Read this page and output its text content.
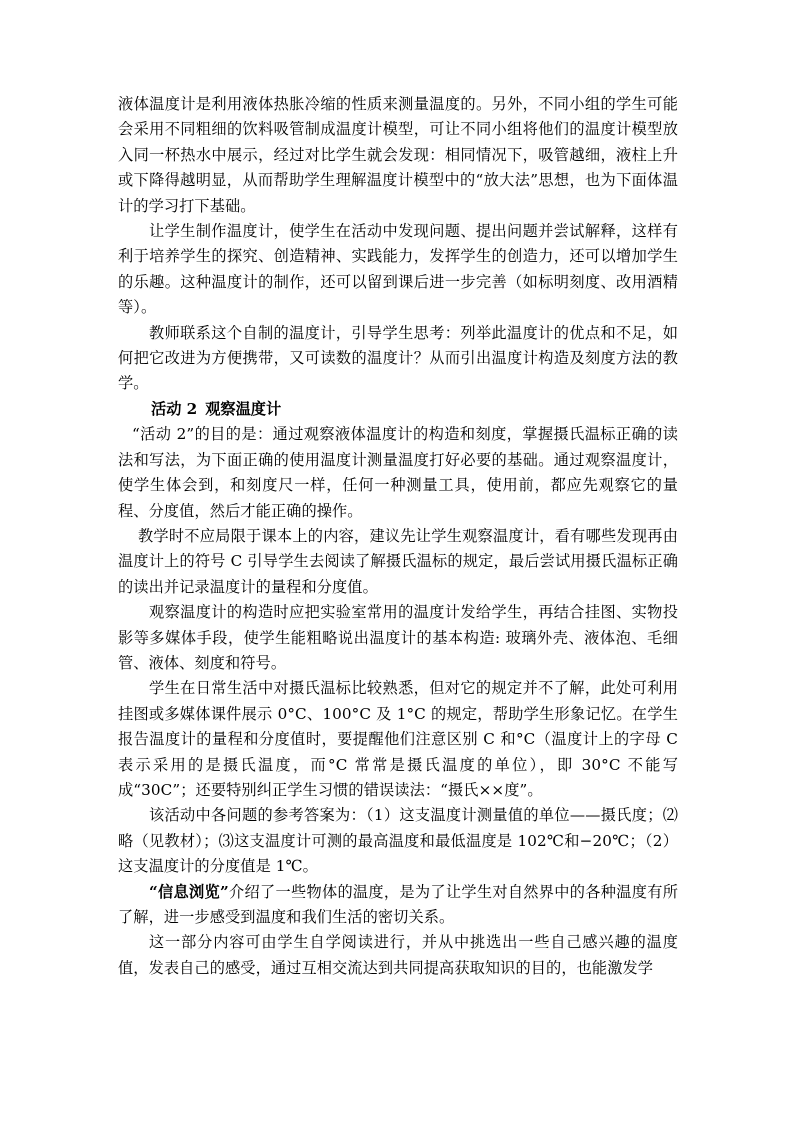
液体温度计是利用液体热胀冷缩的性质来测量温度的。另外，不同小组的学生可能会采用不同粗细的饮料吸管制成温度计模型，可让不同小组将他们的温度计模型放入同一杯热水中展示，经过对比学生就会发现：相同情况下，吸管越细，液柱上升或下降得越明显，从而帮助学生理解温度计模型中的“放大法”思想，也为下面体温计的学习打下基础。

让学生制作温度计，使学生在活动中发现问题、提出问题并尝试解释，这样有利于培养学生的探究、创造精神、实践能力，发挥学生的创造力，还可以增加学生的乐趣。这种温度计的制作，还可以留到课后进一步完善（如标明刻度、改用酒精等）。

教师联系这个自制的温度计，引导学生思考：列举此温度计的优点和不足，如何把它改进为方便携带，又可读数的温度计？从而引出温度计构造及刻度方法的教学。

活动 2 观察温度计

“活动 2”的目的是：通过观察液体温度计的构造和刻度，掌握摄氏温标正确的读法和写法，为下面正确的使用温度计测量温度打好必要的基础。通过观察温度计，使学生体会到，和刻度尺一样，任何一种测量工具，使用前，都应先观察它的量程、分度值，然后才能正确的操作。

教学时不应局限于课本上的内容，建议先让学生观察温度计，看有哪些发现再由温度计上的符号 C 引导学生去阅读了解摄氏温标的规定，最后尝试用摄氏温标正确的读出并记录温度计的量程和分度值。

观察温度计的构造时应把实验室常用的温度计发给学生，再结合挂图、实物投影等多媒体手段，使学生能粗略说出温度计的基本构造: 玻璃外壳、液体泡、毛细管、液体、刻度和符号。

学生在日常生活中对摄氏温标比较熟悉，但对它的规定并不了解，此处可利用挂图或多媒体课件展示 0°C、100°C 及 1°C 的规定，帮助学生形象记忆。在学生报告温度计的量程和分度值时，要提醒他们注意区别 C 和°C（温度计上的字母 C 表示采用的是摄氏温度，而°C 常常是摄氏温度的单位），即 30°C 不能写成“30C”；还要特别纠正学生习惯的错误读法：“摄氏××度”。

该活动中各问题的参考答案为：（1）这支温度计测量值的单位——摄氏度；⑵略（见教材）；⑶这支温度计可测的最高温度和最低温度是 102℃和−20℃；（2）这支温度计的分度值是 1℃。

“信息浏览”介绍了一些物体的温度，是为了让学生对自然界中的各种温度有所了解，进一步感受到温度和我们生活的密切关系。

这一部分内容可由学生自学阅读进行，并从中挑选出一些自己感兴趣的温度值，发表自己的感受，通过互相交流达到共同提高获取知识的目的，也能激发学
